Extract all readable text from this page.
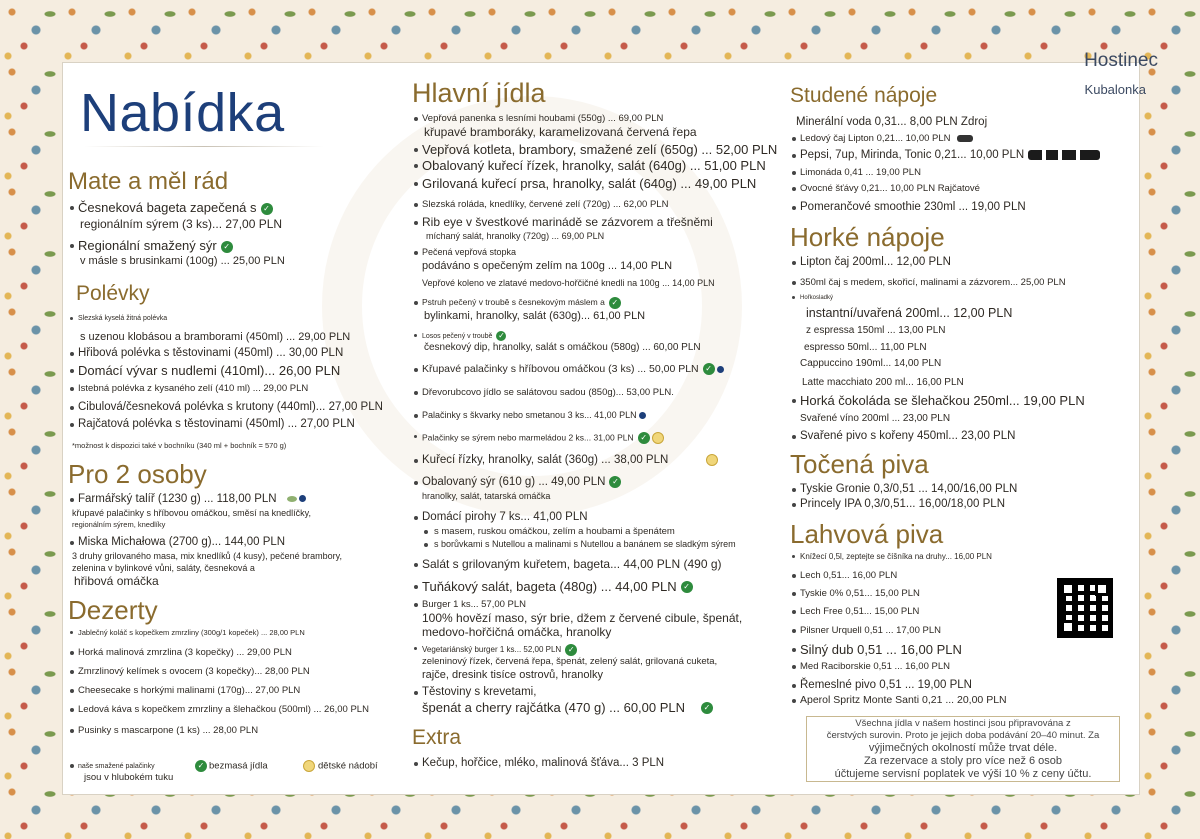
Hostinec
Kubalonka
Nabídka
Mate a měl rád
Česneková bageta zapečená s ✓
regionálním sýrem (3 ks)... 27,00 PLN
Regionální smažený sýr ✓
v másle s brusinkami (100g) ... 25,00 PLN
Polévky
Slezská kyselá žitná polévka
s uzenou klobásou a bramborami (450ml) ... 29,00 PLN
Hřibová polévka s těstovinami (450ml) ... 30,00 PLN
Domácí vývar s nudlemi (410ml)... 26,00 PLN
Istebná polévka z kysaného zelí (410 ml) ... 29,00 PLN
Cibulová/česneková polévka s krutony (440ml)... 27,00 PLN
Rajčatová polévka s těstovinami (450ml) ... 27,00 PLN
*možnost k dispozici také v bochníku (340 ml + bochník = 570 g)
Pro 2 osoby
Farmářský talíř (1230 g) ... 118,00 PLN
křupavé palačinky s hříbovou omáčkou, směsí na knedlíčky,
regionálním sýrem, knedlíky
Miska Michałowa (2700 g)... 144,00 PLN
3 druhy grilovaného masa, mix knedlíků (4 kusy), pečené brambory,
zelenina v bylinkové vůni, saláty, česneková a
hřibová omáčka
Dezerty
Jablečný koláč s kopečkem zmrzliny (300g/1 kopeček) ... 28,00 PLN
Horká malinová zmrzlina (3 kopečky) ... 29,00 PLN
Zmrzlinový kelímek s ovocem (3 kopečky)... 28,00 PLN
Cheesecake s horkými malinami (170g)... 27,00 PLN
Ledová káva s kopečkem zmrzliny a šlehačkou (500ml) ... 26,00 PLN
Pusinky s mascarpone (1 ks) ... 28,00 PLN
naše smažené palačinky
jsou v hlubokém tuku
✓ bezmasá jídla	dětské nádobí
Hlavní jídla
Vepřová panenka s lesními houbami (550g) ... 69,00 PLN
křupavé bramboráky, karamelizovaná červená řepa
Vepřová kotleta, brambory, smažené zelí (650g) ... 52,00 PLN
Obalovaný kuřecí řízek, hranolky, salát (640g) ... 51,00 PLN
Grilovaná kuřecí prsa, hranolky, salát (640g) ... 49,00 PLN
Slezská roláda, knedlíky, červené zelí (720g) ... 62,00 PLN
Rib eye v švestkové marinádě se zázvorem a třešněmi
míchaný salát, hranolky (720g) ... 69,00 PLN
Pečená vepřová stopka
podáváno s opečeným zelím na 100g ... 14,00 PLN
Vepřové koleno ve zlatavé medovo-hořčičné knedli na 100g ... 14,00 PLN
Pstruh pečený v troubě s česnekovým máslem a ✓
bylinkami, hranolky, salát (630g)... 61,00 PLN
Losos pečený v troubě ✓
česnekový dip, hranolky, salát s omáčkou (580g) ... 60,00 PLN
Křupavé palačinky s hříbovou omáčkou (3 ks) ... 50,00 PLN ✓
Dřevorubcovo jídlo se salátovou sadou (850g)... 53,00 PLN.
Palačinky s škvarky nebo smetanou 3 ks... 41,00 PLN
Palačinky se sýrem nebo marmeládou 2 ks... 31,00 PLN ✓
Kuřecí řízky, hranolky, salát (360g) ... 38,00 PLN
Obalovaný sýr (610 g) ... 49,00 PLN ✓
hranolky, salát, tatarská omáčka
Domácí pirohy 7 ks... 41,00 PLN
s masem, ruskou omáčkou, zelím a houbami a špenátem
s borůvkami s Nutellou a malinami s Nutellou a banánem se sladkým sýrem
Salát s grilovaným kuřetem, bageta... 44,00 PLN (490 g)
Tuňákový salát, bageta (480g) ... 44,00 PLN ✓
Burger 1 ks... 57,00 PLN
100% hovězí maso, sýr brie, džem z červené cibule, špenát,
medovo-hořčičná omáčka, hranolky
Vegetariánský burger 1 ks... 52,00 PLN ✓
zeleninový řízek, červená řepa, špenát, zelený salát, grilovaná cuketa,
rajče, dresink tisíce ostrovů, hranolky
Těstoviny s krevetami,
špenát a cherry rajčátka (470 g) ... 60,00 PLN ✓
Extra
Kečup, hořčice, mléko, malinová šťáva... 3 PLN
Studené nápoje
Minerální voda 0,31... 8,00 PLN Zdroj
Ledový čaj Lipton 0,21... 10,00 PLN
Pepsi, 7up, Mirinda, Tonic 0,21... 10,00 PLN
Limonáda 0,41 ... 19,00 PLN
Ovocné šťávy 0,21... 10,00 PLN Rajčatové
Pomerančové smoothie 230ml ... 19,00 PLN
Horké nápoje
Lipton čaj 200ml... 12,00 PLN
350ml čaj s medem, skořicí, malinami a zázvorem... 25,00 PLN
Hořkosladký
instantní/uvařená 200ml... 12,00 PLN
z espressa 150ml ... 13,00 PLN
espresso 50ml... 11,00 PLN
Cappuccino 190ml... 14,00 PLN
Latte macchiato 200 ml... 16,00 PLN
Horká čokoláda se šlehačkou 250ml... 19,00 PLN
Svařené víno 200ml ... 23,00 PLN
Svařené pivo s kořeny 450ml... 23,00 PLN
Točená piva
Tyskie Gronie 0,3/0,51 ... 14,00/16,00 PLN
Princely IPA 0,3/0,51... 16,00/18,00 PLN
Lahvová piva
Knížecí 0,5l, zeptejte se číšníka na druhy... 16,00 PLN
Lech 0,51... 16,00 PLN
Tyskie 0% 0,51... 15,00 PLN
Lech Free 0,51... 15,00 PLN
Pilsner Urquell 0,51 ... 17,00 PLN
Silný dub 0,51 ... 16,00 PLN
Med Raciborskie 0,51 ... 16,00 PLN
Řemeslné pivo 0,51 ... 19,00 PLN
Aperol Spritz Monte Santi 0,21 ... 20,00 PLN
Všechna jídla v našem hostinci jsou připravována z
čerstvých surovin. Proto je jejich doba podávání 20–40 minut. Za
výjimečných okolností může trvat déle.
Za rezervace a stoly pro více než 6 osob
účtujeme servisní poplatek ve výši 10 % z ceny účtu.
